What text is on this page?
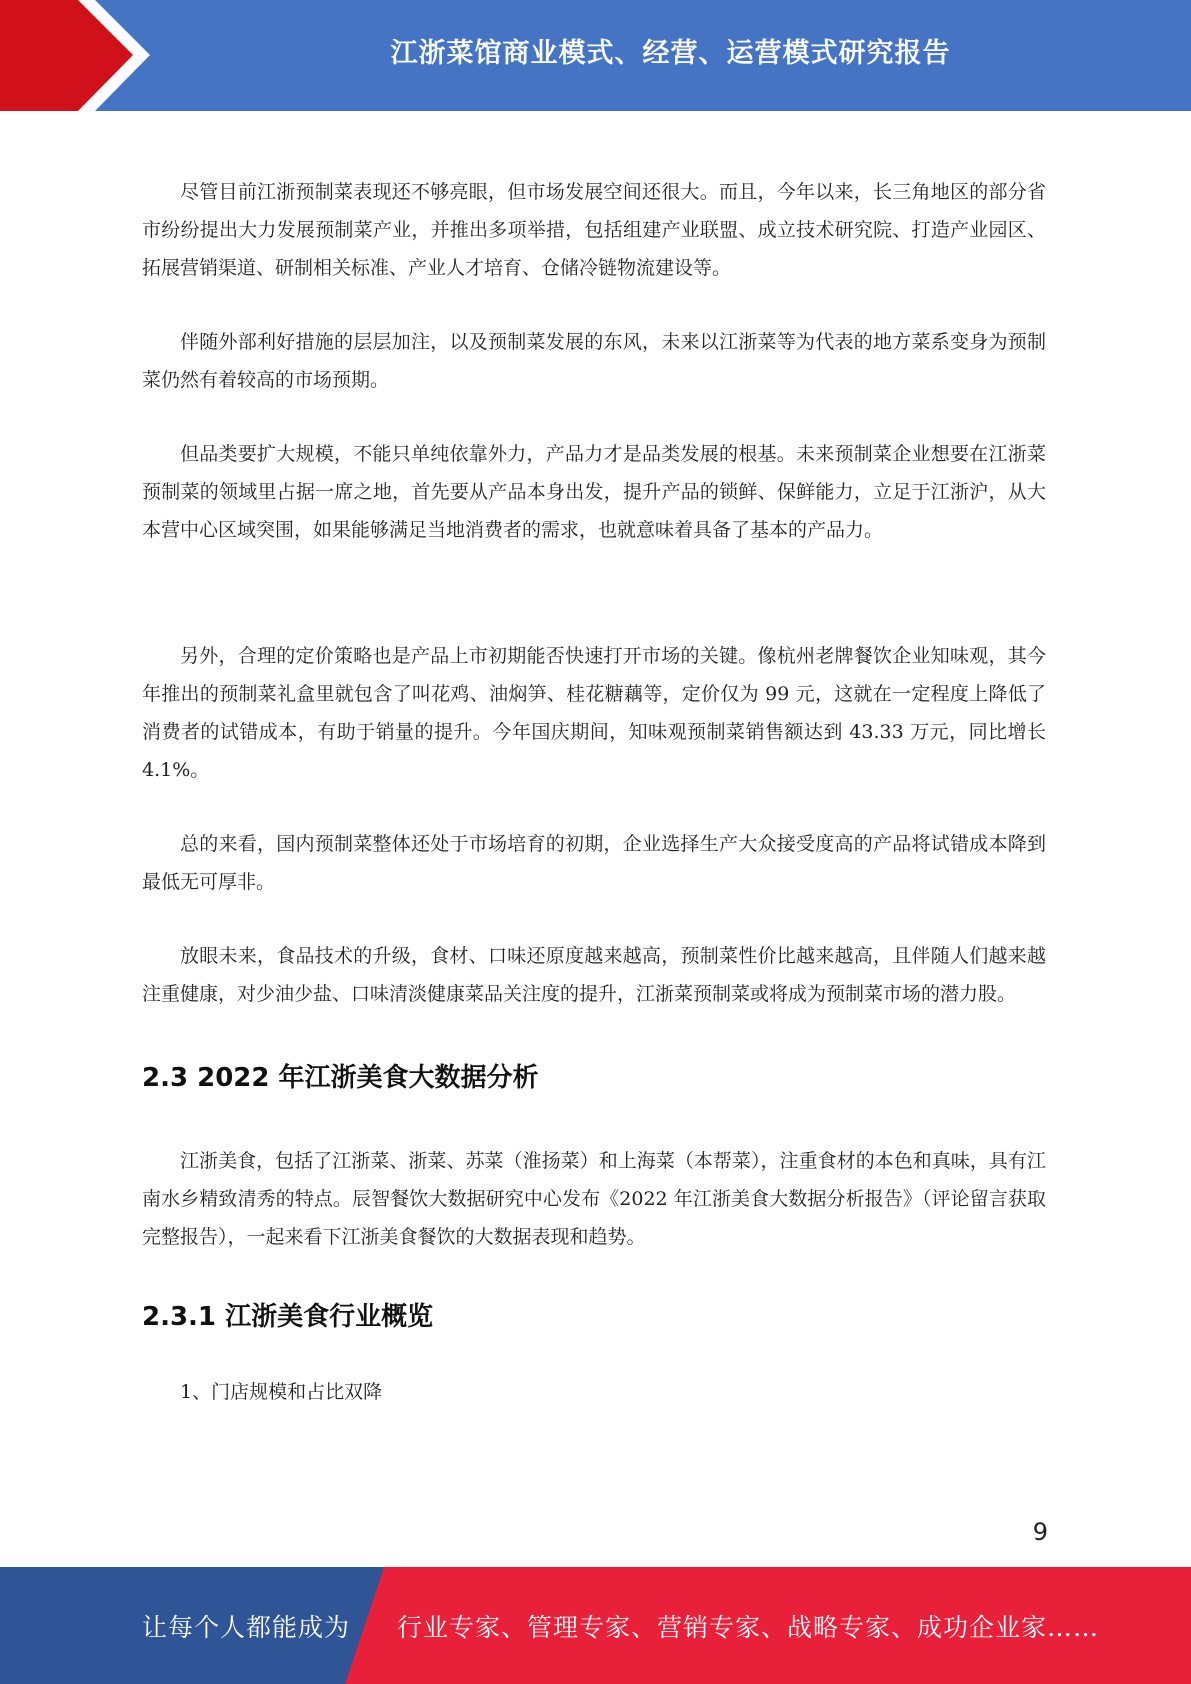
江浙菜馆商业模式、经营、运营模式研究报告

尽管目前江浙预制菜表现还不够亮眼，但市场发展空间还很大。而且，今年以来，长三角地区的部分省市纷纷提出大力发展预制菜产业，并推出多项举措，包括组建产业联盟、成立技术研究院、打造产业园区、拓展营销渠道、研制相关标准、产业人才培育、仓储冷链物流建设等。

伴随外部利好措施的层层加注，以及预制菜发展的东风，未来以江浙菜等为代表的地方菜系变身为预制菜仍然有着较高的市场预期。

但品类要扩大规模，不能只单纯依靠外力，产品力才是品类发展的根基。未来预制菜企业想要在江浙菜预制菜的领域里占据一席之地，首先要从产品本身出发，提升产品的锁鲜、保鲜能力，立足于江浙沪，从大本营中心区域突围，如果能够满足当地消费者的需求，也就意味着具备了基本的产品力。

另外，合理的定价策略也是产品上市初期能否快速打开市场的关键。像杭州老牌餐饮企业知味观，其今年推出的预制菜礼盒里就包含了叫花鸡、油焖笋、桂花糖藕等，定价仅为 99 元，这就在一定程度上降低了消费者的试错成本，有助于销量的提升。今年国庆期间，知味观预制菜销售额达到 43.33 万元，同比增长 4.1%。

总的来看，国内预制菜整体还处于市场培育的初期，企业选择生产大众接受度高的产品将试错成本降到最低无可厚非。

放眼未来，食品技术的升级，食材、口味还原度越来越高，预制菜性价比越来越高，且伴随人们越来越注重健康，对少油少盐、口味清淡健康菜品关注度的提升，江浙菜预制菜或将成为预制菜市场的潜力股。

2.3 2022 年江浙美食大数据分析

江浙美食，包括了江浙菜、浙菜、苏菜（淮扬菜）和上海菜（本帮菜），注重食材的本色和真味，具有江南水乡精致清秀的特点。辰智餐饮大数据研究中心发布《2022 年江浙美食大数据分析报告》（评论留言获取完整报告），一起来看下江浙美食餐饮的大数据表现和趋势。

2.3.1 江浙美食行业概览

1、门店规模和占比双降

9
让每个人都能成为 行业专家、管理专家、营销专家、战略专家、成功企业家……
